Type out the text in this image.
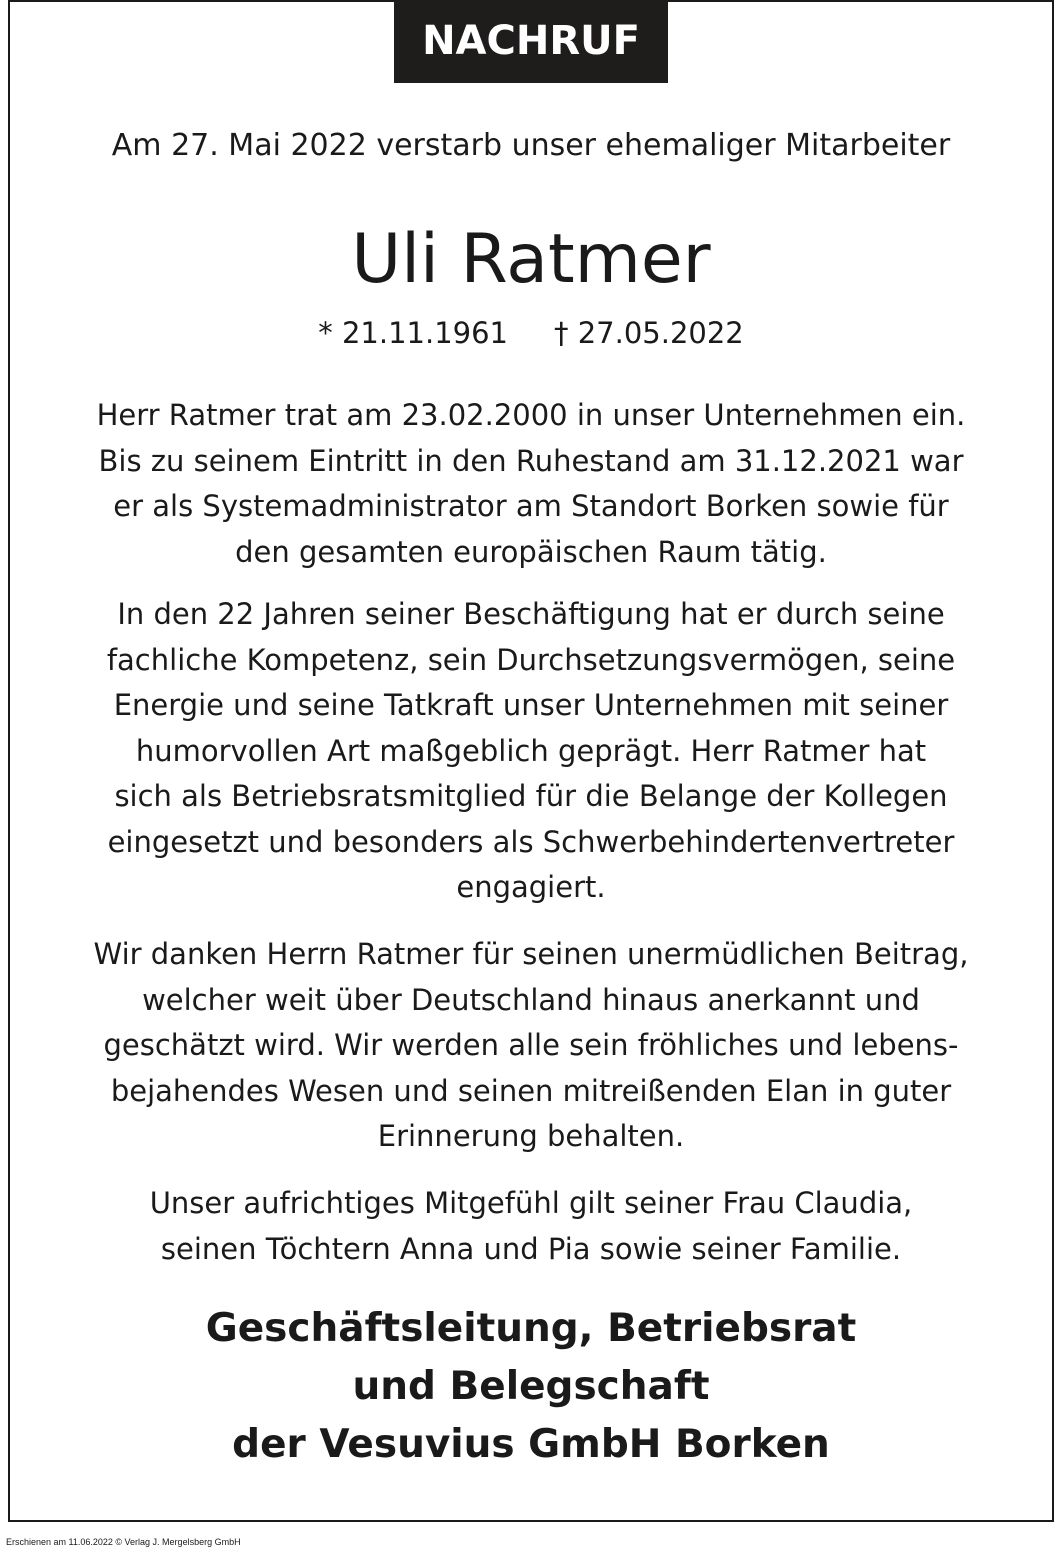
NACHRUF
Am 27. Mai 2022 verstarb unser ehemaliger Mitarbeiter
Uli Ratmer
* 21.11.1961 † 27.05.2022
Herr Ratmer trat am 23.02.2000 in unser Unternehmen ein.
Bis zu seinem Eintritt in den Ruhestand am 31.12.2021 war
er als Systemadministrator am Standort Borken sowie für
den gesamten europäischen Raum tätig.
In den 22 Jahren seiner Beschäftigung hat er durch seine
fachliche Kompetenz, sein Durchsetzungsvermögen, seine
Energie und seine Tatkraft unser Unternehmen mit seiner
humorvollen Art maßgeblich geprägt. Herr Ratmer hat
sich als Betriebsratsmitglied für die Belange der Kollegen
eingesetzt und besonders als Schwerbehindertenvertreter
engagiert.
Wir danken Herrn Ratmer für seinen unermüdlichen Beitrag,
welcher weit über Deutschland hinaus anerkannt und
geschätzt wird. Wir werden alle sein fröhliches und lebens-
bejahendes Wesen und seinen mitreißenden Elan in guter
Erinnerung behalten.
Unser aufrichtiges Mitgefühl gilt seiner Frau Claudia,
seinen Töchtern Anna und Pia sowie seiner Familie.
Geschäftsleitung, Betriebsrat
und Belegschaft
der Vesuvius GmbH Borken
Erschienen am 11.06.2022 © Verlag J. Mergelsberg GmbH
